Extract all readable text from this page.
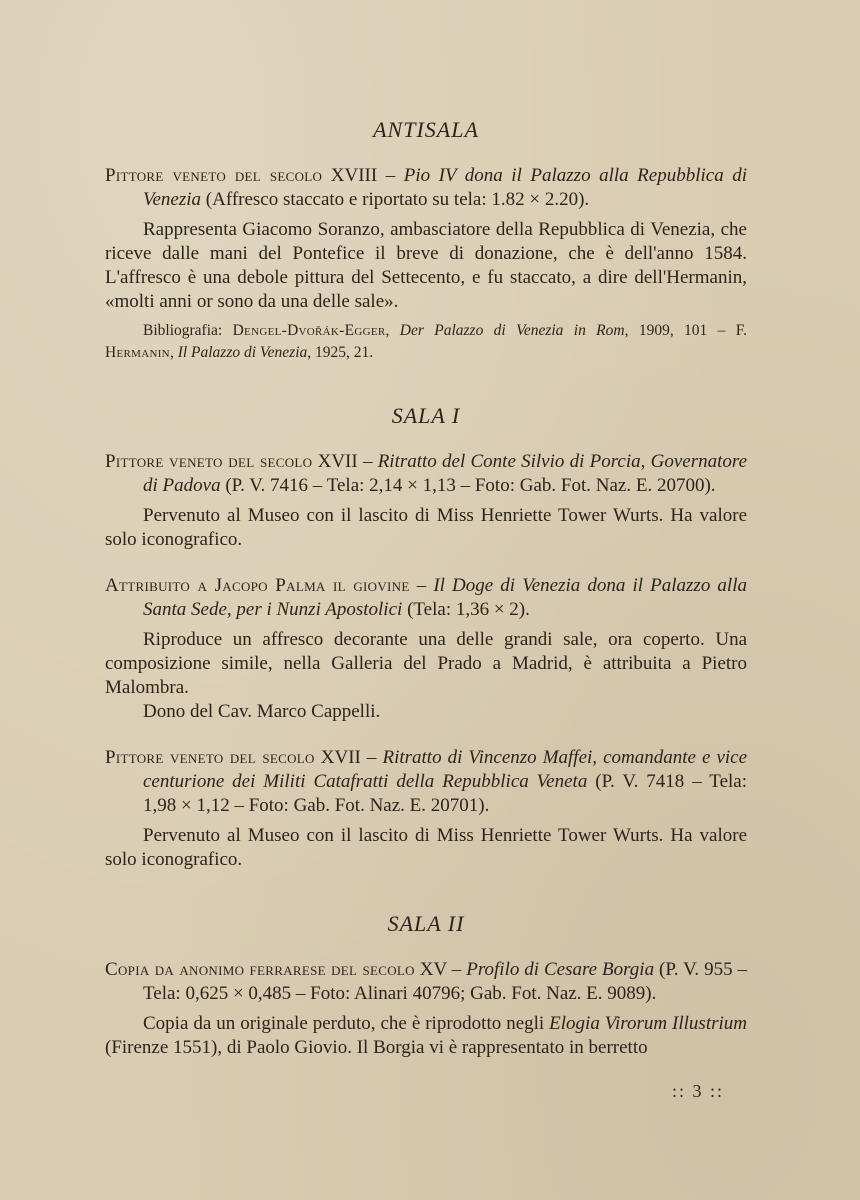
ANTISALA

Pittore veneto del secolo XVIII – Pio IV dona il Palazzo alla Repubblica di Venezia (Affresco staccato e riportato su tela: 1.82 × 2.20).

Rappresenta Giacomo Soranzo, ambasciatore della Repubblica di Venezia, che riceve dalle mani del Pontefice il breve di donazione, che è dell'anno 1584. L'affresco è una debole pittura del Settecento, e fu staccato, a dire dell'Hermanin, «molti anni or sono da una delle sale».

Bibliografia: Dengel-Dvořák-Egger, Der Palazzo di Venezia in Rom, 1909, 101 – F. Hermanin, Il Palazzo di Venezia, 1925, 21.

SALA I

Pittore veneto del secolo XVII – Ritratto del Conte Silvio di Porcia, Governatore di Padova (P. V. 7416 – Tela: 2,14 × 1,13 – Foto: Gab. Fot. Naz. E. 20700).

Pervenuto al Museo con il lascito di Miss Henriette Tower Wurts. Ha valore solo iconografico.

Attribuito a Jacopo Palma il giovine – Il Doge di Venezia dona il Palazzo alla Santa Sede, per i Nunzi Apostolici (Tela: 1,36 × 2).

Riproduce un affresco decorante una delle grandi sale, ora coperto. Una composizione simile, nella Galleria del Prado a Madrid, è attribuita a Pietro Malombra.

Dono del Cav. Marco Cappelli.

Pittore veneto del secolo XVII – Ritratto di Vincenzo Maffei, comandante e vice centurione dei Militi Catafratti della Repubblica Veneta (P. V. 7418 – Tela: 1,98 × 1,12 – Foto: Gab. Fot. Naz. E. 20701).

Pervenuto al Museo con il lascito di Miss Henriette Tower Wurts. Ha valore solo iconografico.

SALA II

Copia da anonimo ferrarese del secolo XV – Profilo di Cesare Borgia (P. V. 955 – Tela: 0,625 × 0,485 – Foto: Alinari 40796; Gab. Fot. Naz. E. 9089).

Copia da un originale perduto, che è riprodotto negli Elogia Virorum Illustrium (Firenze 1551), di Paolo Giovio. Il Borgia vi è rappresentato in berretto

:: 3 ::
